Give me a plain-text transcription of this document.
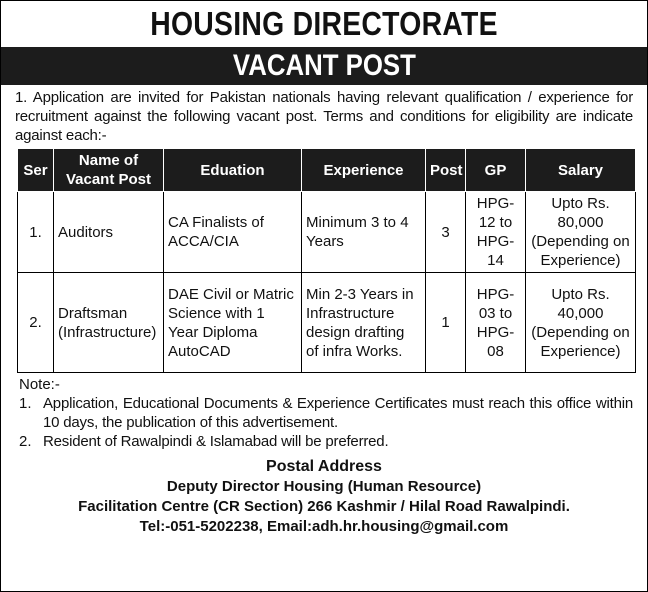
HOUSING DIRECTORATE
VACANT POST
1. Application are invited for Pakistan nationals having relevant qualification / experience for recruitment against the following vacant post. Terms and conditions for eligibility are indicate against each:-
Ser	Name of Vacant Post	Eduation	Experience	Post	GP	Salary
1.	Auditors	CA Finalists of ACCA/CIA	Minimum 3 to 4 Years	3	HPG-12 to HPG-14	Upto Rs. 80,000 (Depending on Experience)
2.	Draftsman (Infrastructure)	DAE Civil or Matric Science with 1 Year Diploma AutoCAD	Min 2-3 Years in Infrastructure design drafting of infra Works.	1	HPG-03 to HPG-08	Upto Rs. 40,000 (Depending on Experience)
Note:-
1. Application, Educational Documents & Experience Certificates must reach this office within 10 days, the publication of this advertisement.
2. Resident of Rawalpindi & Islamabad will be preferred.
Postal Address
Deputy Director Housing (Human Resource)
Facilitation Centre (CR Section) 266 Kashmir / Hilal Road Rawalpindi.
Tel:-051-5202238, Email:adh.hr.housing@gmail.com
